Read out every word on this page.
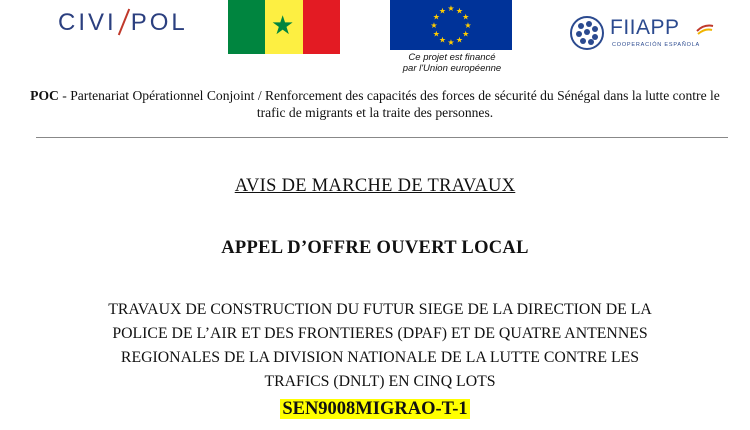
CIVI POL	★
★ ★
★
★
★
★
★
★
★
★
★
★
Ce projet est financé
par l'Union européenne
FIIAPP
COOPERACIÓN ESPAÑOLA
POC - Partenariat Opérationnel Conjoint / Renforcement des capacités des forces de sécurité du Sénégal dans la lutte contre le trafic de migrants et la traite des personnes.
AVIS DE MARCHE DE TRAVAUX
APPEL D’OFFRE OUVERT LOCAL
TRAVAUX DE CONSTRUCTION DU FUTUR SIEGE DE LA DIRECTION DE LA POLICE DE L’AIR ET DES FRONTIERES (DPAF) ET DE QUATRE ANTENNES REGIONALES DE LA DIVISION NATIONALE DE LA LUTTE CONTRE LES TRAFICS (DNLT) EN CINQ LOTS
SEN9008MIGRAO-T-1
